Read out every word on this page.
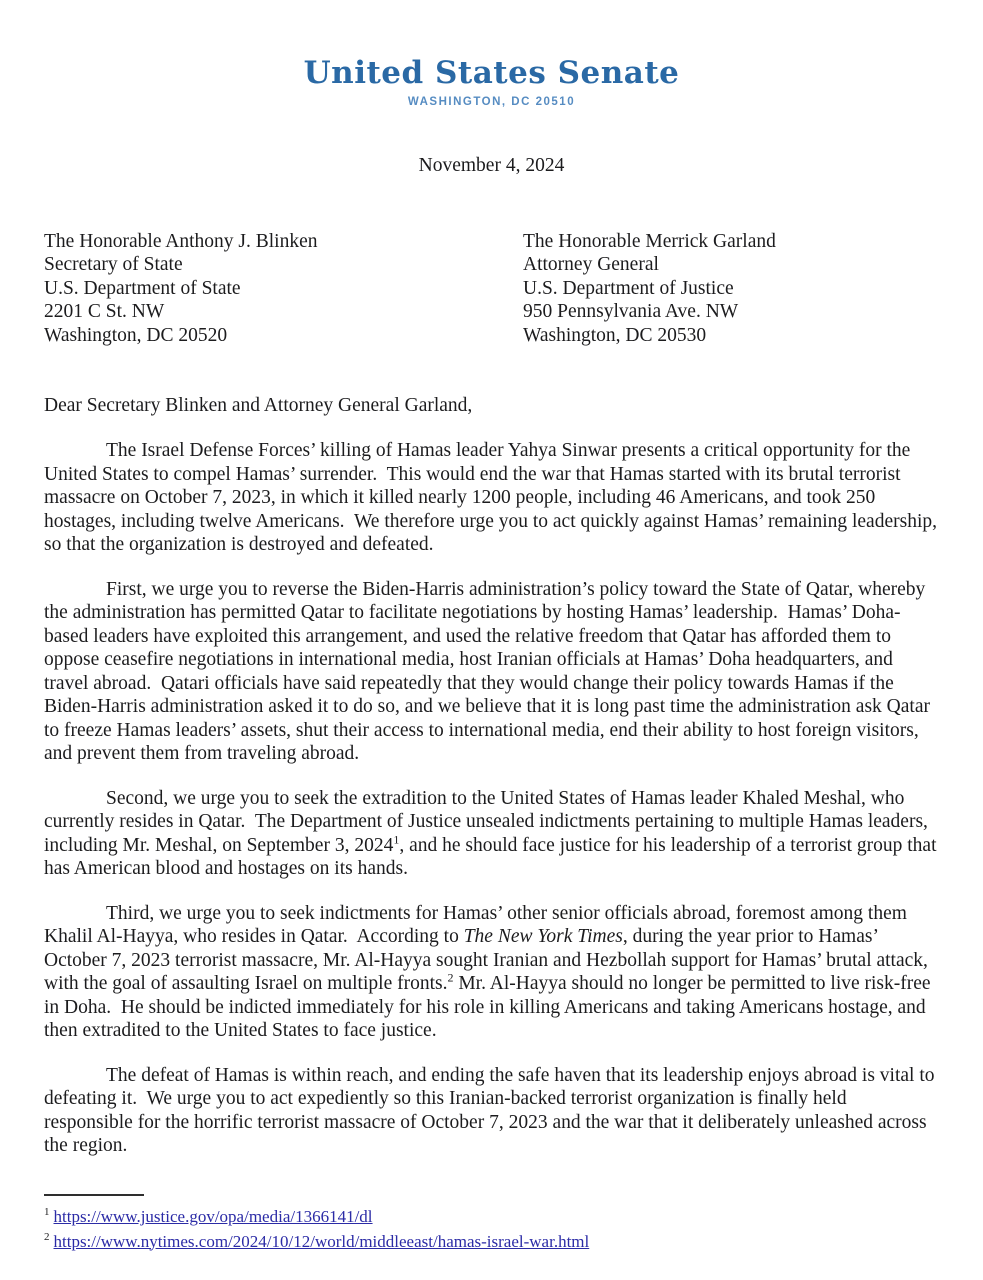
United States Senate
WASHINGTON, DC 20510
November 4, 2024
The Honorable Anthony J. Blinken
Secretary of State
U.S. Department of State
2201 C St. NW
Washington, DC 20520
The Honorable Merrick Garland
Attorney General
U.S. Department of Justice
950 Pennsylvania Ave. NW
Washington, DC 20530
Dear Secretary Blinken and Attorney General Garland,

The Israel Defense Forces’ killing of Hamas leader Yahya Sinwar presents a critical opportunity for the United States to compel Hamas’ surrender.  This would end the war that Hamas started with its brutal terrorist massacre on October 7, 2023, in which it killed nearly 1200 people, including 46 Americans, and took 250 hostages, including twelve Americans.  We therefore urge you to act quickly against Hamas’ remaining leadership, so that the organization is destroyed and defeated.

First, we urge you to reverse the Biden-Harris administration’s policy toward the State of Qatar, whereby the administration has permitted Qatar to facilitate negotiations by hosting Hamas’ leadership.  Hamas’ Doha-based leaders have exploited this arrangement, and used the relative freedom that Qatar has afforded them to oppose ceasefire negotiations in international media, host Iranian officials at Hamas’ Doha headquarters, and travel abroad.  Qatari officials have said repeatedly that they would change their policy towards Hamas if the Biden-Harris administration asked it to do so, and we believe that it is long past time the administration ask Qatar to freeze Hamas leaders’ assets, shut their access to international media, end their ability to host foreign visitors, and prevent them from traveling abroad.

Second, we urge you to seek the extradition to the United States of Hamas leader Khaled Meshal, who currently resides in Qatar.  The Department of Justice unsealed indictments pertaining to multiple Hamas leaders, including Mr. Meshal, on September 3, 2024$^1$, and he should face justice for his leadership of a terrorist group that has American blood and hostages on its hands.

Third, we urge you to seek indictments for Hamas’ other senior officials abroad, foremost among them Khalil Al-Hayya, who resides in Qatar.  According to The New York Times, during the year prior to Hamas’ October 7, 2023 terrorist massacre, Mr. Al-Hayya sought Iranian and Hezbollah support for Hamas’ brutal attack, with the goal of assaulting Israel on multiple fronts.$^2$ Mr. Al-Hayya should no longer be permitted to live risk-free in Doha.  He should be indicted immediately for his role in killing Americans and taking Americans hostage, and then extradited to the United States to face justice.

The defeat of Hamas is within reach, and ending the safe haven that its leadership enjoys abroad is vital to defeating it.  We urge you to act expediently so this Iranian-backed terrorist organization is finally held responsible for the horrific terrorist massacre of October 7, 2023 and the war that it deliberately unleashed across the region.

$^1$ https://www.justice.gov/opa/media/1366141/dl
$^2$ https://www.nytimes.com/2024/10/12/world/middleeast/hamas-israel-war.html
